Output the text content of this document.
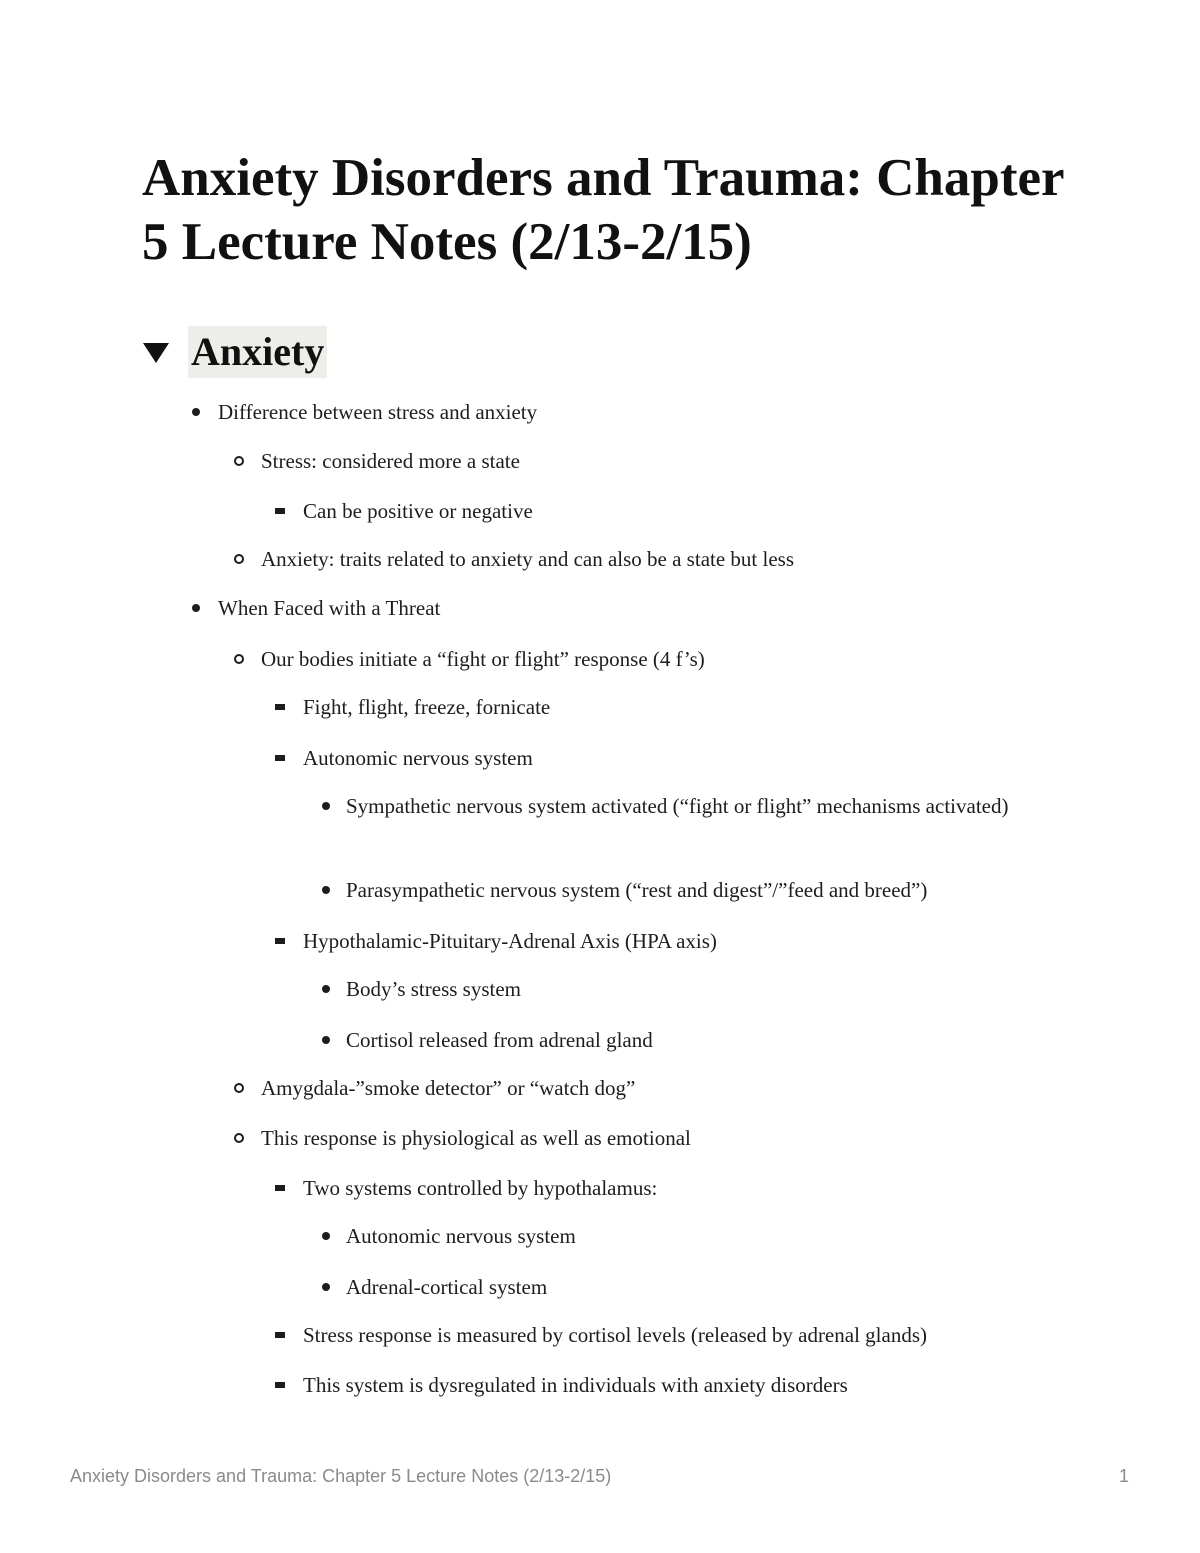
Anxiety Disorders and Trauma: Chapter 5 Lecture Notes (2/13-2/15)
Anxiety
Difference between stress and anxiety
Stress: considered more a state
Can be positive or negative
Anxiety: traits related to anxiety and can also be a state but less
When Faced with a Threat
Our bodies initiate a “fight or flight” response (4 f’s)
Fight, flight, freeze, fornicate
Autonomic nervous system
Sympathetic nervous system activated (“fight or flight” mechanisms activated)
Parasympathetic nervous system (“rest and digest”/”feed and breed”)
Hypothalamic-Pituitary-Adrenal Axis (HPA axis)
Body’s stress system
Cortisol released from adrenal gland
Amygdala-”smoke detector” or “watch dog”
This response is physiological as well as emotional
Two systems controlled by hypothalamus:
Autonomic nervous system
Adrenal-cortical system
Stress response is measured by cortisol levels (released by adrenal glands)
This system is dysregulated in individuals with anxiety disorders
Anxiety Disorders and Trauma: Chapter 5 Lecture Notes (2/13-2/15)	1
